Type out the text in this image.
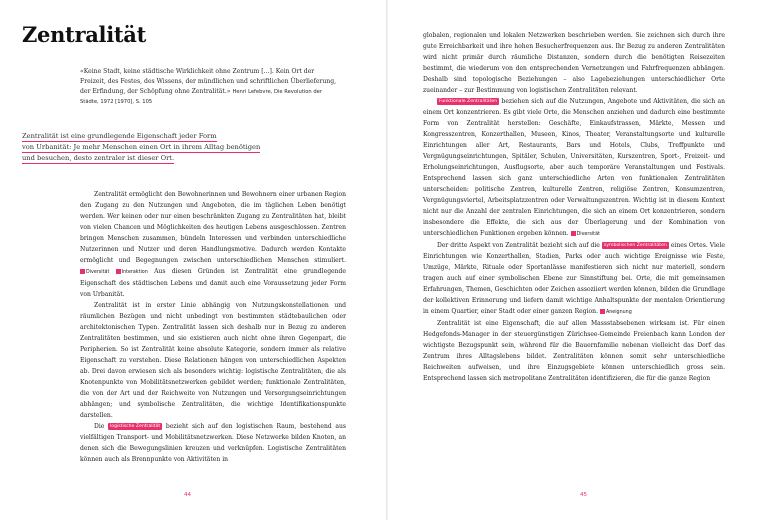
Zentralität
«Keine Stadt, keine städtische Wirklichkeit ohne Zentrum [...]. Kein Ort der Freizeit, des Festes, des Wissens, der mündlichen und schriftlichen Überlieferung, der Erfindung, der Schöpfung ohne Zentralität.» Henri Lefebvre, Die Revolution der Städte, 1972 [1970], S. 105
Zentralität ist eine grundlegende Eigenschaft jeder Form
von Urbanität: Je mehr Menschen einen Ort in ihrem Alltag benötigen
und besuchen, desto zentraler ist dieser Ort.

Zentralität ermöglicht den Bewohnerinnen und Bewohnern einer urbanen Region den Zugang zu den Nutzungen und Angeboten, die im täglichen Leben benötigt werden. Wer keinen oder nur einen beschränkten Zugang zu Zentralitäten hat, bleibt von vielen Chancen und Möglichkeiten des heutigen Lebens ausgeschlossen. Zentren bringen Menschen zusammen, bündeln Interessen und verbinden unterschiedliche Nutzerinnen und Nutzer und deren Handlungsmotive. Dadurch werden Kontakte ermöglicht und Begegnungen zwischen unterschiedlichen Menschen stimuliert. Diversität	Interaktion Aus diesen Gründen ist Zentralität eine grundlegende Eigenschaft des städtischen Lebens und damit auch eine Voraussetzung jeder Form von Urbanität.

Zentralität ist in erster Linie abhängig von Nutzungskonstellationen und räumlichen Bezügen und nicht unbedingt von bestimmten städtebaulichen oder architektonischen Typen. Zentralität lassen sich deshalb nur in Bezug zu anderen Zentralitäten bestimmen, und sie existieren auch nicht ohne ihren Gegenpart, die Peripherien. So ist Zentralität keine absolute Kategorie, sondern immer als relative Eigenschaft zu verstehen. Diese Relationen hängen von unterschiedlichen Aspekten ab. Drei davon erwiesen sich als besonders wichtig: logistische Zentralitäten, die als Knotenpunkte von Mobilitätsnetzwerken gebildet werden; funktionale Zentralitäten, die von der Art und der Reichweite von Nutzungen und Versorgungseinrichtungen abhängen; und symbolische Zentralitäten, die wichtige Identifikationspunkte darstellen.

Die logistische Zentralität bezieht sich auf den logistischen Raum, bestehend aus vielfältigen Transport- und Mobilitätsnetzwerken. Diese Netzwerke bilden Knoten, an denen sich die Bewegungslinien kreuzen und verknüpfen. Logistische Zentralitäten können auch als Brennpunkte von Aktivitäten in

globalen, regionalen und lokalen Netzwerken beschrieben werden. Sie zeichnen sich durch ihre gute Erreichbarkeit und ihre hohen Besucherfrequenzen aus. Ihr Bezug zu anderen Zentralitäten wird nicht primär durch räumliche Distanzen, sondern durch die benötigten Reisezeiten bestimmt, die wiederum von den entsprechenden Vernetzungen und Fahrfrequenzen abhängen. Deshalb sind topologische Beziehungen – also Lagebeziehungen unterschiedlicher Orte zueinander – zur Bestimmung von logistischen Zentralitäten relevant.

Funktionale Zentralitäten beziehen sich auf die Nutzungen, Angebote und Aktivitäten, die sich an einem Ort konzentrieren. Es gibt viele Orte, die Menschen anziehen und dadurch eine bestimmte Form von Zentralität herstellen: Geschäfte, Einkaufstrassen, Märkte, Messen und Kongresszentren, Konzerthallen, Museen, Kinos, Theater, Veranstaltungsorte und kulturelle Einrichtungen aller Art, Restaurants, Bars und Hotels, Clubs, Treffpunkte und Vergnügungseinrichtungen, Spitäler, Schulen, Universitäten, Kurszentren, Sport-, Freizeit- und Erholungseinrichtungen, Ausflugsorte, aber auch temporäre Veranstaltungen und Festivals. Entsprechend lassen sich ganz unterschiedliche Arten von funktionalen Zentralitäten unterscheiden: politische Zentren, kulturelle Zentren, religiöse Zentren, Konsumzentren, Vergnügungsviertel, Arbeitsplatzzentren oder Verwaltungszentren. Wichtig ist in diesem Kontext nicht nur die Anzahl der zentralen Einrichtungen, die sich an einem Ort konzentrieren, sondern insbesondere die Effekte, die sich aus der Überlagerung und der Kombination von unterschiedlichen Funktionen ergeben können. Diversität

Der dritte Aspekt von Zentralität bezieht sich auf die symbolischen Zentralitäten eines Ortes. Viele Einrichtungen wie Konzerthallen, Stadien, Parks oder auch wichtige Ereignisse wie Feste, Umzüge, Märkte, Rituale oder Sportanlässe manifestieren sich nicht nur materiell, sondern tragen auch auf einer symbolischen Ebene zur Sinnstiftung bei. Orte, die mit gemeinsamen Erfahrungen, Themen, Geschichten oder Zeichen assoziiert werden können, bilden die Grundlage der kollektiven Erinnerung und liefern damit wichtige Anhaltspunkte der mentalen Orientierung in einem Quartier, einer Stadt oder einer ganzen Region. Aneignung

Zentralität ist eine Eigenschaft, die auf allen Massstabsebenen wirksam ist. Für einen Hedgefonds-Manager in der steuergünstigen Zürichsee-Gemeinde Freienbach kann London der wichtigste Bezugspunkt sein, während für die Bauernfamilie nebenan vielleicht das Dorf das Zentrum ihres Alltagslebens bildet. Zentralitäten können somit sehr unterschiedliche Reichweiten aufweisen, und ihre Einzugsgebiete können unterschiedlich gross sein. Entsprechend lassen sich metropolitane Zentralitäten identifizieren, die für die ganze Region

44	45
